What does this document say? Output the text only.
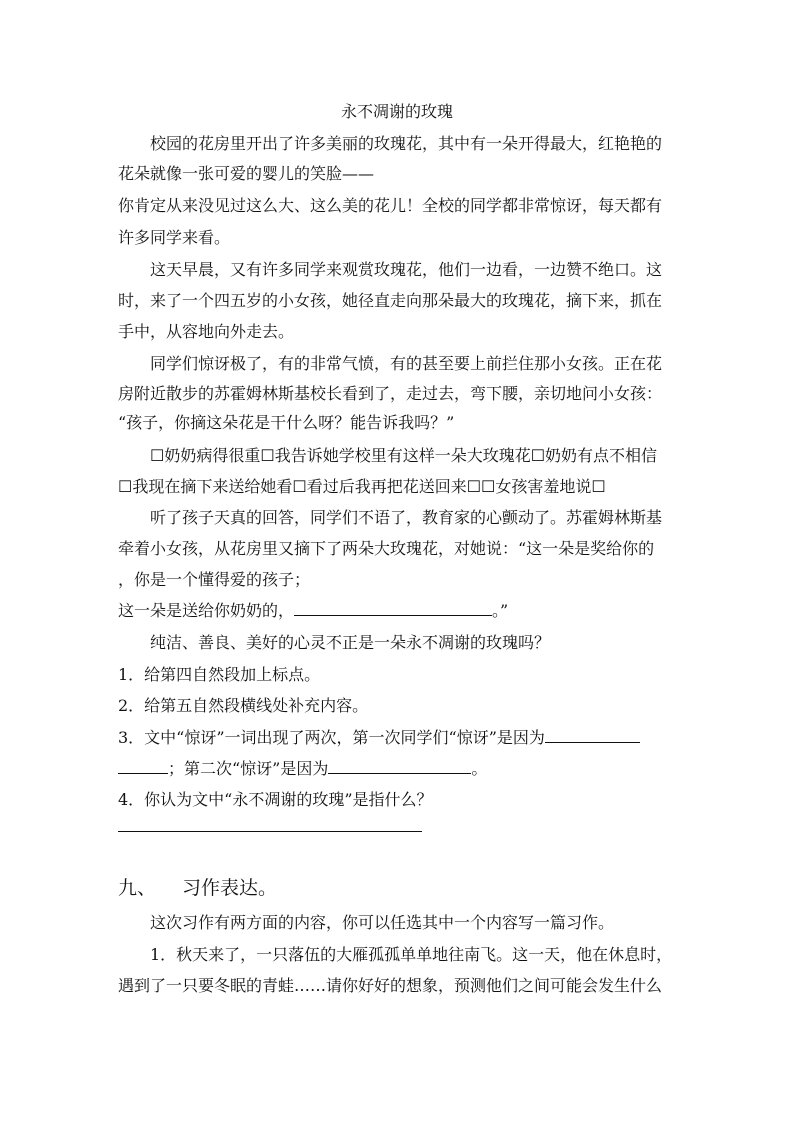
永不凋谢的玫瑰
校园的花房里开出了许多美丽的玫瑰花，其中有一朵开得最大，红艳艳的
花朵就像一张可爱的婴儿的笑脸——
你肯定从来没见过这么大、这么美的花儿！全校的同学都非常惊讶，每天都有
许多同学来看。
这天早晨，又有许多同学来观赏玫瑰花，他们一边看，一边赞不绝口。这
时，来了一个四五岁的小女孩，她径直走向那朵最大的玫瑰花，摘下来，抓在
手中，从容地向外走去。
同学们惊讶极了，有的非常气愤，有的甚至要上前拦住那小女孩。正在花
房附近散步的苏霍姆林斯基校长看到了，走过去，弯下腰，亲切地问小女孩：
“孩子，你摘这朵花是干什么呀？能告诉我吗？”
☐奶奶病得很重☐我告诉她学校里有这样一朵大玫瑰花☐奶奶有点不相信
☐我现在摘下来送给她看☐看过后我再把花送回来☐☐女孩害羞地说☐
听了孩子天真的回答，同学们不语了，教育家的心颤动了。苏霍姆林斯基
牵着小女孩，从花房里又摘下了两朵大玫瑰花，对她说：“这一朵是奖给你的
，你是一个懂得爱的孩子；
这一朵是送给你奶奶的，	。”
纯洁、善良、美好的心灵不正是一朵永不凋谢的玫瑰吗？
1．给第四自然段加上标点。
2．给第五自然段横线处补充内容。
3．文中“惊讶”一词出现了两次，第一次同学们“惊讶”是因为
；第二次“惊讶”是因为	。
4．你认为文中“永不凋谢的玫瑰”是指什么？
九、 习作表达。
这次习作有两方面的内容，你可以任选其中一个内容写一篇习作。
1．秋天来了，一只落伍的大雁孤孤单单地往南飞。这一天，他在休息时，
遇到了一只要冬眠的青蛙……请你好好的想象，预测他们之间可能会发生什么
